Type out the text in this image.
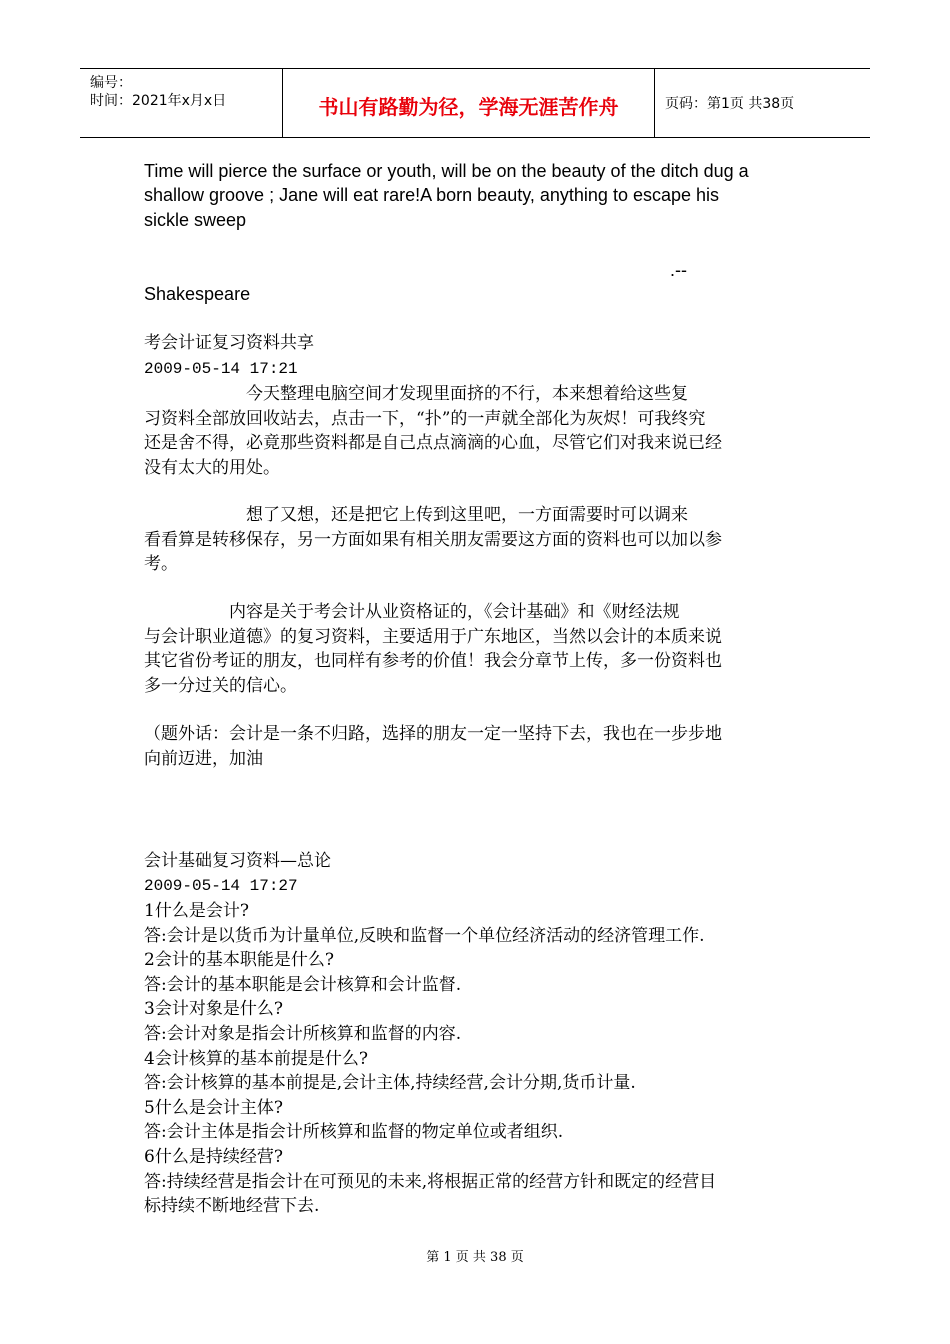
编号：
时间：2021年x月x日	书山有路勤为径，学海无涯苦作舟	页码：第1页 共38页
Time will pierce the surface or youth, will be on the beauty of the ditch dug a
shallow groove ; Jane will eat rare!A born beauty, anything to escape his
sickle sweep
.--
Shakespeare
考会计证复习资料共享
2009-05-14 17:21
　　　　　　今天整理电脑空间才发现里面挤的不行，本来想着给这些复
习资料全部放回收站去，点击一下，“扑”的一声就全部化为灰烬！可我终究
还是舍不得，必竟那些资料都是自己点点滴滴的心血，尽管它们对我来说已经
没有太大的用处。
　　　　　　想了又想，还是把它上传到这里吧，一方面需要时可以调来
看看算是转移保存，另一方面如果有相关朋友需要这方面的资料也可以加以参
考。
　　　　　内容是关于考会计从业资格证的，《会计基础》和《财经法规
与会计职业道德》的复习资料，主要适用于广东地区，当然以会计的本质来说
其它省份考证的朋友，也同样有参考的价值！我会分章节上传，多一份资料也
多一分过关的信心。
（题外话：会计是一条不归路，选择的朋友一定一坚持下去，我也在一步步地
向前迈进，加油
会计基础复习资料—总论
2009-05-14 17:27
1什么是会计?
答:会计是以货币为计量单位,反映和监督一个单位经济活动的经济管理工作.
2会计的基本职能是什么?
答:会计的基本职能是会计核算和会计监督.
3会计对象是什么?
答:会计对象是指会计所核算和监督的内容.
4会计核算的基本前提是什么?
答:会计核算的基本前提是,会计主体,持续经营,会计分期,货币计量.
5什么是会计主体?
答:会计主体是指会计所核算和监督的物定单位或者组织.
6什么是持续经营?
答:持续经营是指会计在可预见的未来,将根据正常的经营方针和既定的经营目
标持续不断地经营下去.
第 1 页 共 38 页
